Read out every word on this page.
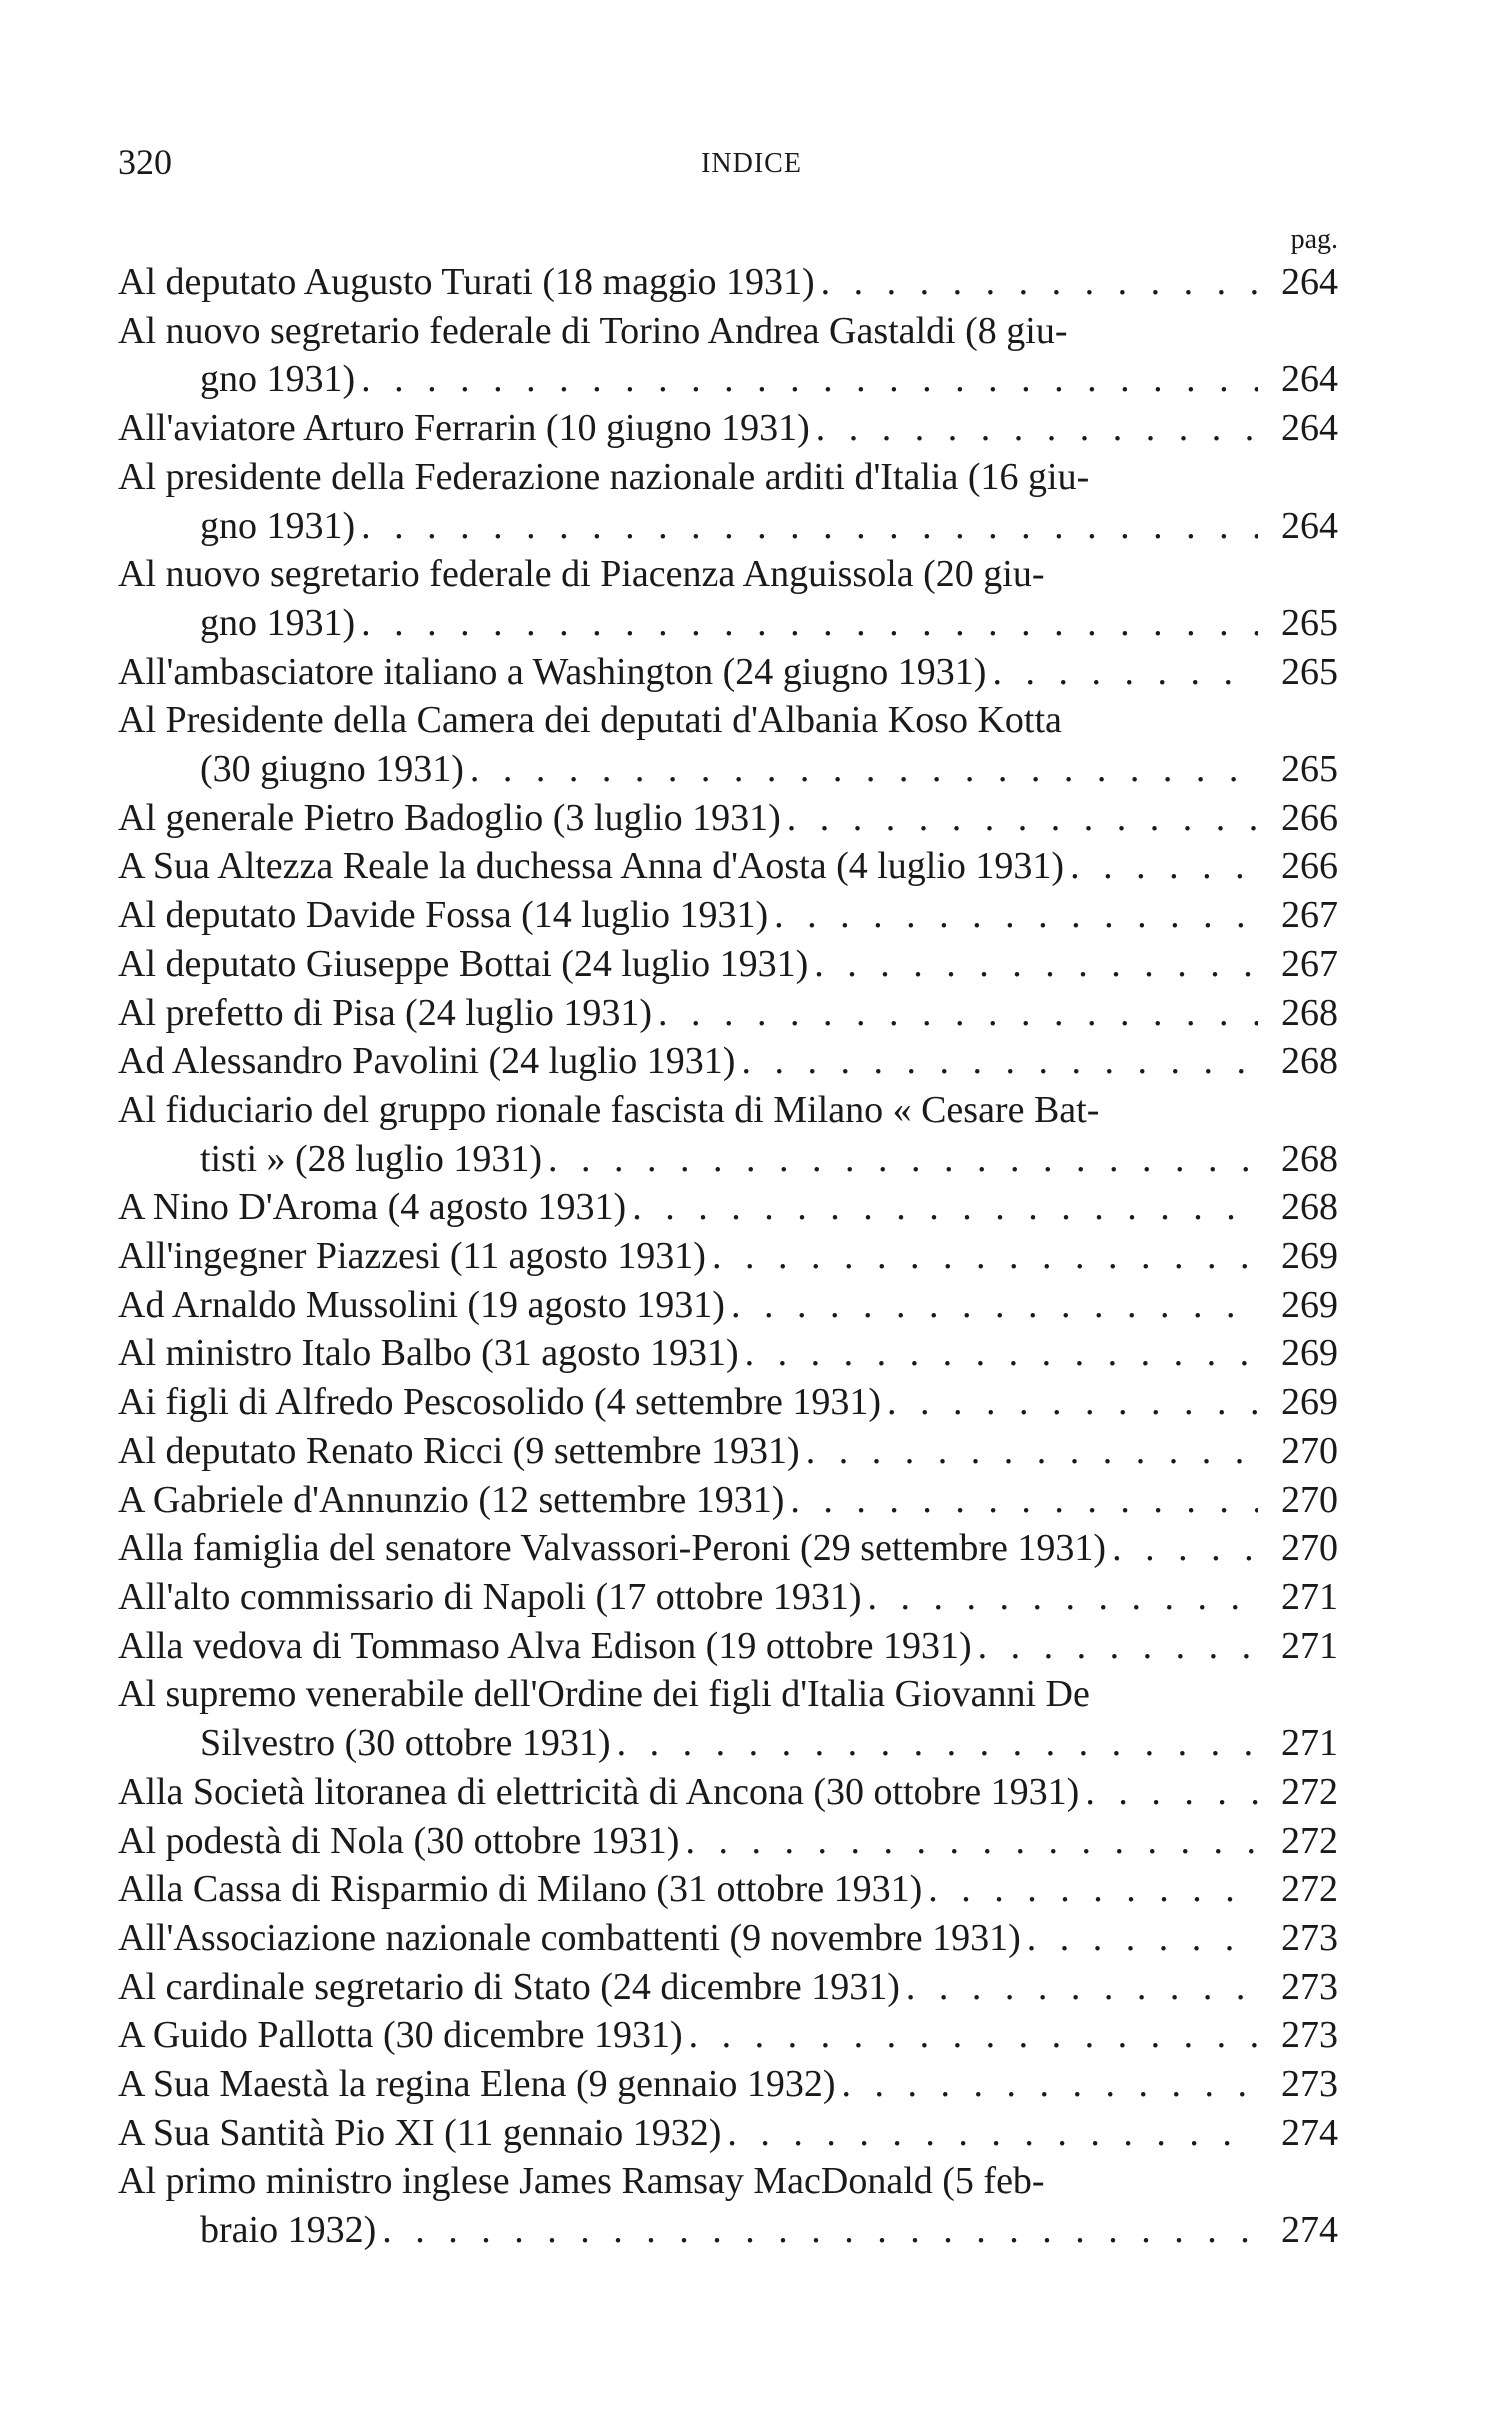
320	INDICE
pag.
Al deputato Augusto Turati (18 maggio 1931) . . .	264
Al nuovo segretario federale di Torino Andrea Gastaldi (8 giu-
gno 1931) . . .	264
All'aviatore Arturo Ferrarin (10 giugno 1931) . . .	264
Al presidente della Federazione nazionale arditi d'Italia (16 giu-
gno 1931) . . .	264
Al nuovo segretario federale di Piacenza Anguissola (20 giu-
gno 1931) . . .	265
All'ambasciatore italiano a Washington (24 giugno 1931) . . .	265
Al Presidente della Camera dei deputati d'Albania Koso Kotta
(30 giugno 1931) . . .	265
Al generale Pietro Badoglio (3 luglio 1931) . . .	266
A Sua Altezza Reale la duchessa Anna d'Aosta (4 luglio 1931) . . .	266
Al deputato Davide Fossa (14 luglio 1931) . . .	267
Al deputato Giuseppe Bottai (24 luglio 1931) . . .	267
Al prefetto di Pisa (24 luglio 1931) . . .	268
Ad Alessandro Pavolini (24 luglio 1931) . . .	268
Al fiduciario del gruppo rionale fascista di Milano « Cesare Bat-
tisti » (28 luglio 1931) . . .	268
A Nino D'Aroma (4 agosto 1931) . . .	268
All'ingegner Piazzesi (11 agosto 1931) . . .	269
Ad Arnaldo Mussolini (19 agosto 1931) . . .	269
Al ministro Italo Balbo (31 agosto 1931) . . .	269
Ai figli di Alfredo Pescosolido (4 settembre 1931) . . .	269
Al deputato Renato Ricci (9 settembre 1931) . . .	270
A Gabriele d'Annunzio (12 settembre 1931) . . .	270
Alla famiglia del senatore Valvassori-Peroni (29 settembre 1931) . . .	270
All'alto commissario di Napoli (17 ottobre 1931) . . .	271
Alla vedova di Tommaso Alva Edison (19 ottobre 1931) . . .	271
Al supremo venerabile dell'Ordine dei figli d'Italia Giovanni De
Silvestro (30 ottobre 1931) . . .	271
Alla Società litoranea di elettricità di Ancona (30 ottobre 1931) . . .	272
Al podestà di Nola (30 ottobre 1931) . . .	272
Alla Cassa di Risparmio di Milano (31 ottobre 1931) . . .	272
All'Associazione nazionale combattenti (9 novembre 1931) . . .	273
Al cardinale segretario di Stato (24 dicembre 1931) . . .	273
A Guido Pallotta (30 dicembre 1931) . . .	273
A Sua Maestà la regina Elena (9 gennaio 1932) . . .	273
A Sua Santità Pio XI (11 gennaio 1932) . . .	274
Al primo ministro inglese James Ramsay MacDonald (5 feb-
braio 1932) . . .	274
